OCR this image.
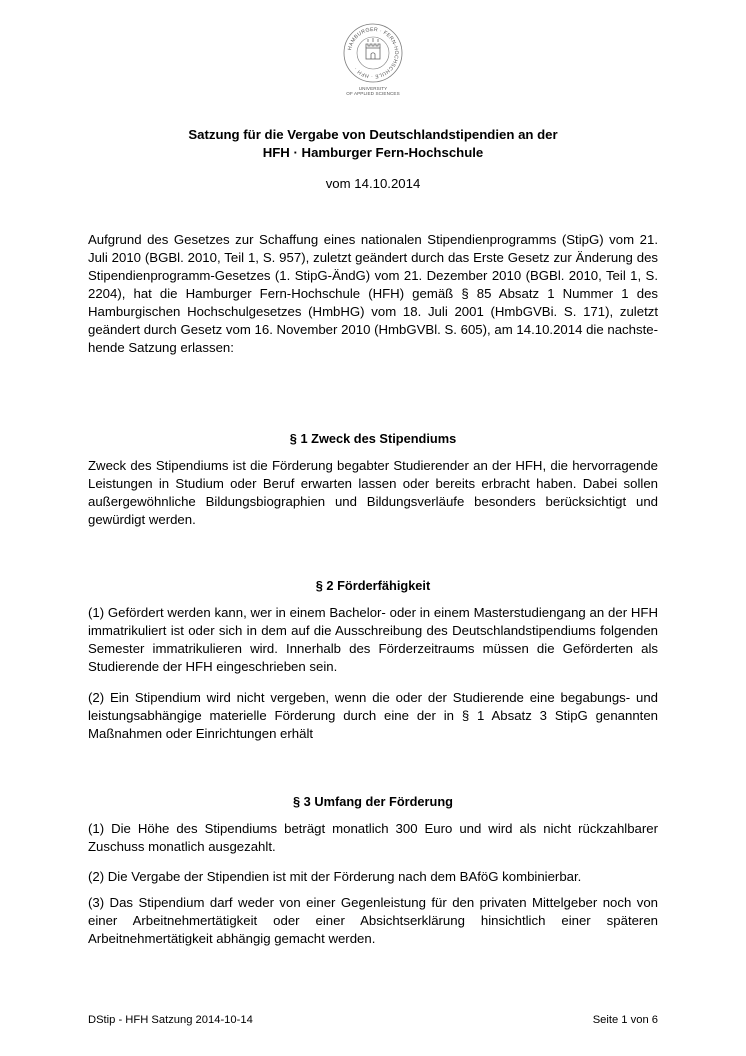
HAMBURGER · FERN-HOCHSCHULE · HFH ·
UNIVERSITY
OF APPLIED SCIENCES
Satzung für die Vergabe von Deutschlandstipendien an der
HFH · Hamburger Fern-Hochschule
vom 14.10.2014

Aufgrund des Gesetzes zur Schaffung eines nationalen Stipendienprogramms (StipG) vom 21. Juli 2010 (BGBl. 2010, Teil 1, S. 957), zuletzt geändert durch das Erste Gesetz zur Änderung des Stipendienprogramm-Gesetzes (1. StipG-ÄndG) vom 21. Dezember 2010 (BGBl. 2010, Teil 1, S. 2204), hat die Hamburger Fern-Hochschule (HFH) gemäß § 85 Absatz 1 Nummer 1 des Hamburgischen Hochschulgesetzes (HmbHG) vom 18. Juli 2001 (HmbGVBi. S. 171), zuletzt geändert durch Gesetz vom 16. November 2010 (HmbGVBl. S. 605), am 14.10.2014 die nachstehende Satzung erlassen:

§ 1 Zweck des Stipendiums

Zweck des Stipendiums ist die Förderung begabter Studierender an der HFH, die hervorragende Leistungen in Studium oder Beruf erwarten lassen oder bereits erbracht haben. Dabei sollen außergewöhnliche Bildungsbiographien und Bildungsverläufe besonders berücksichtigt und gewürdigt werden.

§ 2 Förderfähigkeit

(1) Gefördert werden kann, wer in einem Bachelor- oder in einem Masterstudiengang an der HFH immatrikuliert ist oder sich in dem auf die Ausschreibung des Deutschlandstipendiums folgenden Semester immatrikulieren wird. Innerhalb des Förderzeitraums müssen die Geförderten als Studierende der HFH eingeschrieben sein.

(2) Ein Stipendium wird nicht vergeben, wenn die oder der Studierende eine begabungs- und leistungsabhängige materielle Förderung durch eine der in § 1 Absatz 3 StipG genannten Maßnahmen oder Einrichtungen erhält

§ 3 Umfang der Förderung

(1) Die Höhe des Stipendiums beträgt monatlich 300 Euro und wird als nicht rückzahlbarer Zuschuss monatlich ausgezahlt.

(2) Die Vergabe der Stipendien ist mit der Förderung nach dem BAföG kombinierbar.

(3) Das Stipendium darf weder von einer Gegenleistung für den privaten Mittelgeber noch von einer Arbeitnehmertätigkeit oder einer Absichtserklärung hinsichtlich einer späteren Arbeitnehmertätigkeit abhängig gemacht werden.

DStip - HFH Satzung 2014-10-14	Seite 1 von 6
